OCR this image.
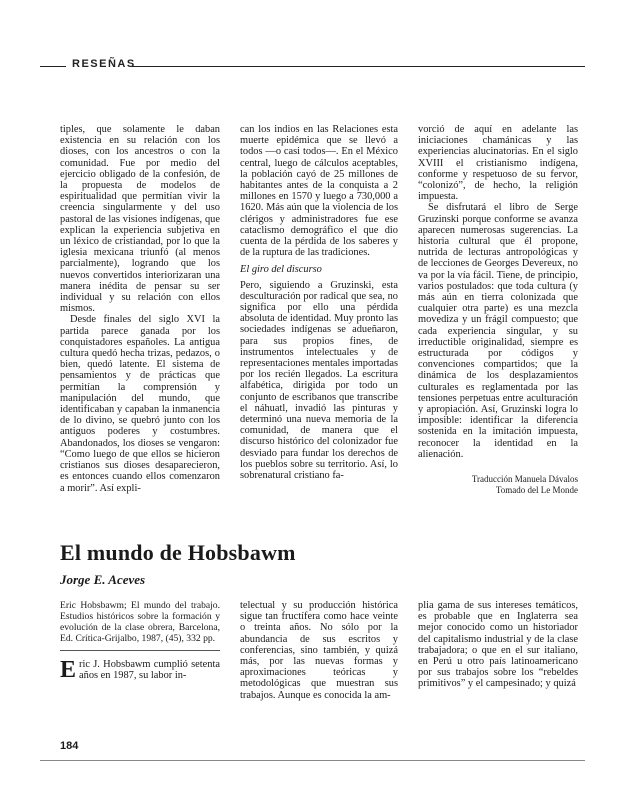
RESEÑAS

tiples, que solamente le daban existencia en su relación con los dioses, con los ancestros o con la comunidad. Fue por medio del ejercicio obligado de la confesión, de la propuesta de modelos de espiritualidad que permitían vivir la creencia singularmente y del uso pastoral de las visiones indígenas, que explican la experiencia subjetiva en un léxico de cristiandad, por lo que la iglesia mexicana triunfó (al menos parcialmente), logrando que los nuevos convertidos interiorizaran una manera inédita de pensar su ser individual y su relación con ellos mismos.

Desde finales del siglo XVI la partida parece ganada por los conquistadores españoles. La antigua cultura quedó hecha trizas, pedazos, o bien, quedó latente. El sistema de pensamientos y de prácticas que permitían la comprensión y manipulación del mundo, que identificaban y capaban la inmanencia de lo divino, se quebró junto con los antiguos poderes y costumbres. Abandonados, los dioses se vengaron: “Como luego de que ellos se hicieron cristianos sus dioses desaparecieron, es entonces cuando ellos comenzaron a morir”. Así expli-

can los indios en las Relaciones esta muerte epidémica que se llevó a todos —o casi todos—. En el México central, luego de cálculos aceptables, la población cayó de 25 millones de habitantes antes de la conquista a 2 millones en 1570 y luego a 730,000 a 1620. Más aún que la violencia de los clérigos y administradores fue ese cataclismo demográfico el que dio cuenta de la pérdida de los saberes y de la ruptura de las tradiciones.

El giro del discurso

Pero, siguiendo a Gruzinski, esta desculturación por radical que sea, no significa por ello una pérdida absoluta de identidad. Muy pronto las sociedades indígenas se adueñaron, para sus propios fines, de instrumentos intelectuales y de representaciones mentales importadas por los recién llegados. La escritura alfabética, dirigida por todo un conjunto de escribanos que transcribe el náhuatl, invadió las pinturas y determinó una nueva memoria de la comunidad, de manera que el discurso histórico del colonizador fue desviado para fundar los derechos de los pueblos sobre su territorio. Así, lo sobrenatural cristiano fa-

vorció de aquí en adelante las iniciaciones chamánicas y las experiencias alucinatorias. En el siglo XVIII el cristianismo indígena, conforme y respetuoso de su fervor, “colonizó”, de hecho, la religión impuesta.

Se disfrutará el libro de Serge Gruzinski porque conforme se avanza aparecen numerosas sugerencias. La historia cultural que él propone, nutrida de lecturas antropológicas y de lecciones de Georges Devereux, no va por la vía fácil. Tiene, de principio, varios postulados: que toda cultura (y más aún en tierra colonizada que cualquier otra parte) es una mezcla movediza y un frágil compuesto; que cada experiencia singular, y su irreductible originalidad, siempre es estructurada por códigos y convenciones compartidos; que la dinámica de los desplazamientos culturales es reglamentada por las tensiones perpetuas entre aculturación y apropiación. Así, Gruzinski logra lo imposible: identificar la diferencia sostenida en la imitación impuesta, reconocer la identidad en la alienación.

Traducción Manuela Dávalos
Tomado del Le Monde
El mundo de Hobsbawm
Jorge E. Aceves
Eric Hobsbawm; El mundo del trabajo. Estudios históricos sobre la formación y evolución de la clase obrera, Barcelona, Ed. Crítica-Grijalbo, 1987, (45), 332 pp.
E ric J. Hobsbawm cumplió setenta años en 1987, su labor in-

telectual y su producción histórica sigue tan fructífera como hace veinte o treinta años. No sólo por la abundancia de sus escritos y conferencias, sino también, y quizá más, por las nuevas formas y aproximaciones teóricas y metodológicas que muestran sus trabajos. Aunque es conocida la am-

plia gama de sus intereses temáticos, es probable que en Inglaterra sea mejor conocido como un historiador del capitalismo industrial y de la clase trabajadora; o que en el sur italiano, en Perú u otro país latinoamericano por sus trabajos sobre los “rebeldes primitivos” y el campesinado; y quizá

184
